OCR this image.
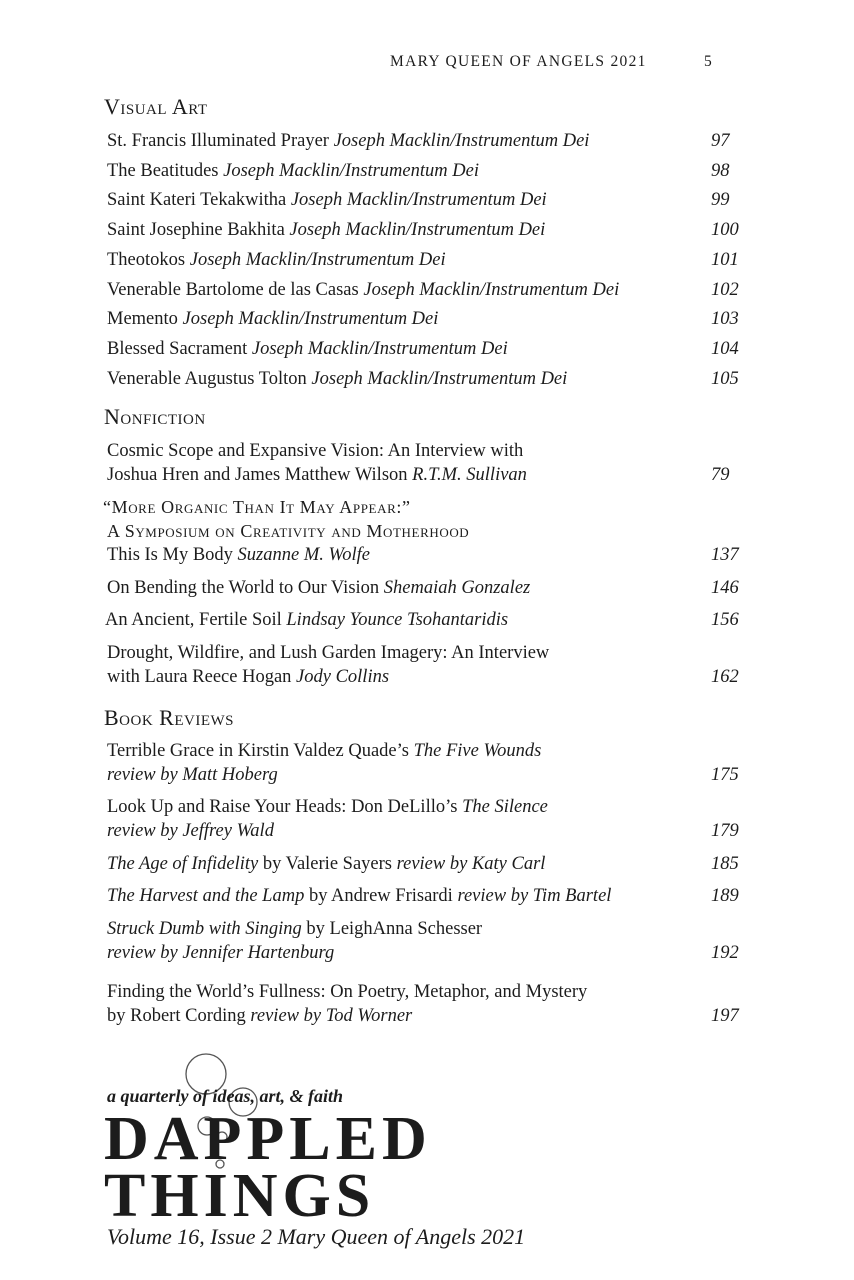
MARY QUEEN OF ANGELS 2021	5
Visual Art
St. Francis Illuminated Prayer Joseph Macklin/Instrumentum Dei	97
The Beatitudes Joseph Macklin/Instrumentum Dei	98
Saint Kateri Tekakwitha Joseph Macklin/Instrumentum Dei	99
Saint Josephine Bakhita Joseph Macklin/Instrumentum Dei	100
Theotokos Joseph Macklin/Instrumentum Dei	101
Venerable Bartolome de las Casas Joseph Macklin/Instrumentum Dei	102
Memento Joseph Macklin/Instrumentum Dei	103
Blessed Sacrament Joseph Macklin/Instrumentum Dei	104
Venerable Augustus Tolton Joseph Macklin/Instrumentum Dei	105
Nonfiction
Cosmic Scope and Expansive Vision: An Interview with
Joshua Hren and James Matthew Wilson R.T.M. Sullivan	79
“More Organic Than It May Appear:”
A Symposium on Creativity and Motherhood
This Is My Body Suzanne M. Wolfe	137
On Bending the World to Our Vision Shemaiah Gonzalez	146
An Ancient, Fertile Soil Lindsay Younce Tsohantaridis	156
Drought, Wildfire, and Lush Garden Imagery: An Interview
with Laura Reece Hogan Jody Collins	162
Book Reviews
Terrible Grace in Kirstin Valdez Quade’s The Five Wounds
review by Matt Hoberg	175
Look Up and Raise Your Heads: Don DeLillo’s The Silence
review by Jeffrey Wald	179
The Age of Infidelity by Valerie Sayers review by Katy Carl	185
The Harvest and the Lamp by Andrew Frisardi review by Tim Bartel	189
Struck Dumb with Singing by LeighAnna Schesser
review by Jennifer Hartenburg	192
Finding the World’s Fullness: On Poetry, Metaphor, and Mystery
by Robert Cording review by Tod Worner	197
a quarterly of ideas, art, & faith
DAPPLED
THINGS
Volume 16, Issue 2 Mary Queen of Angels 2021
